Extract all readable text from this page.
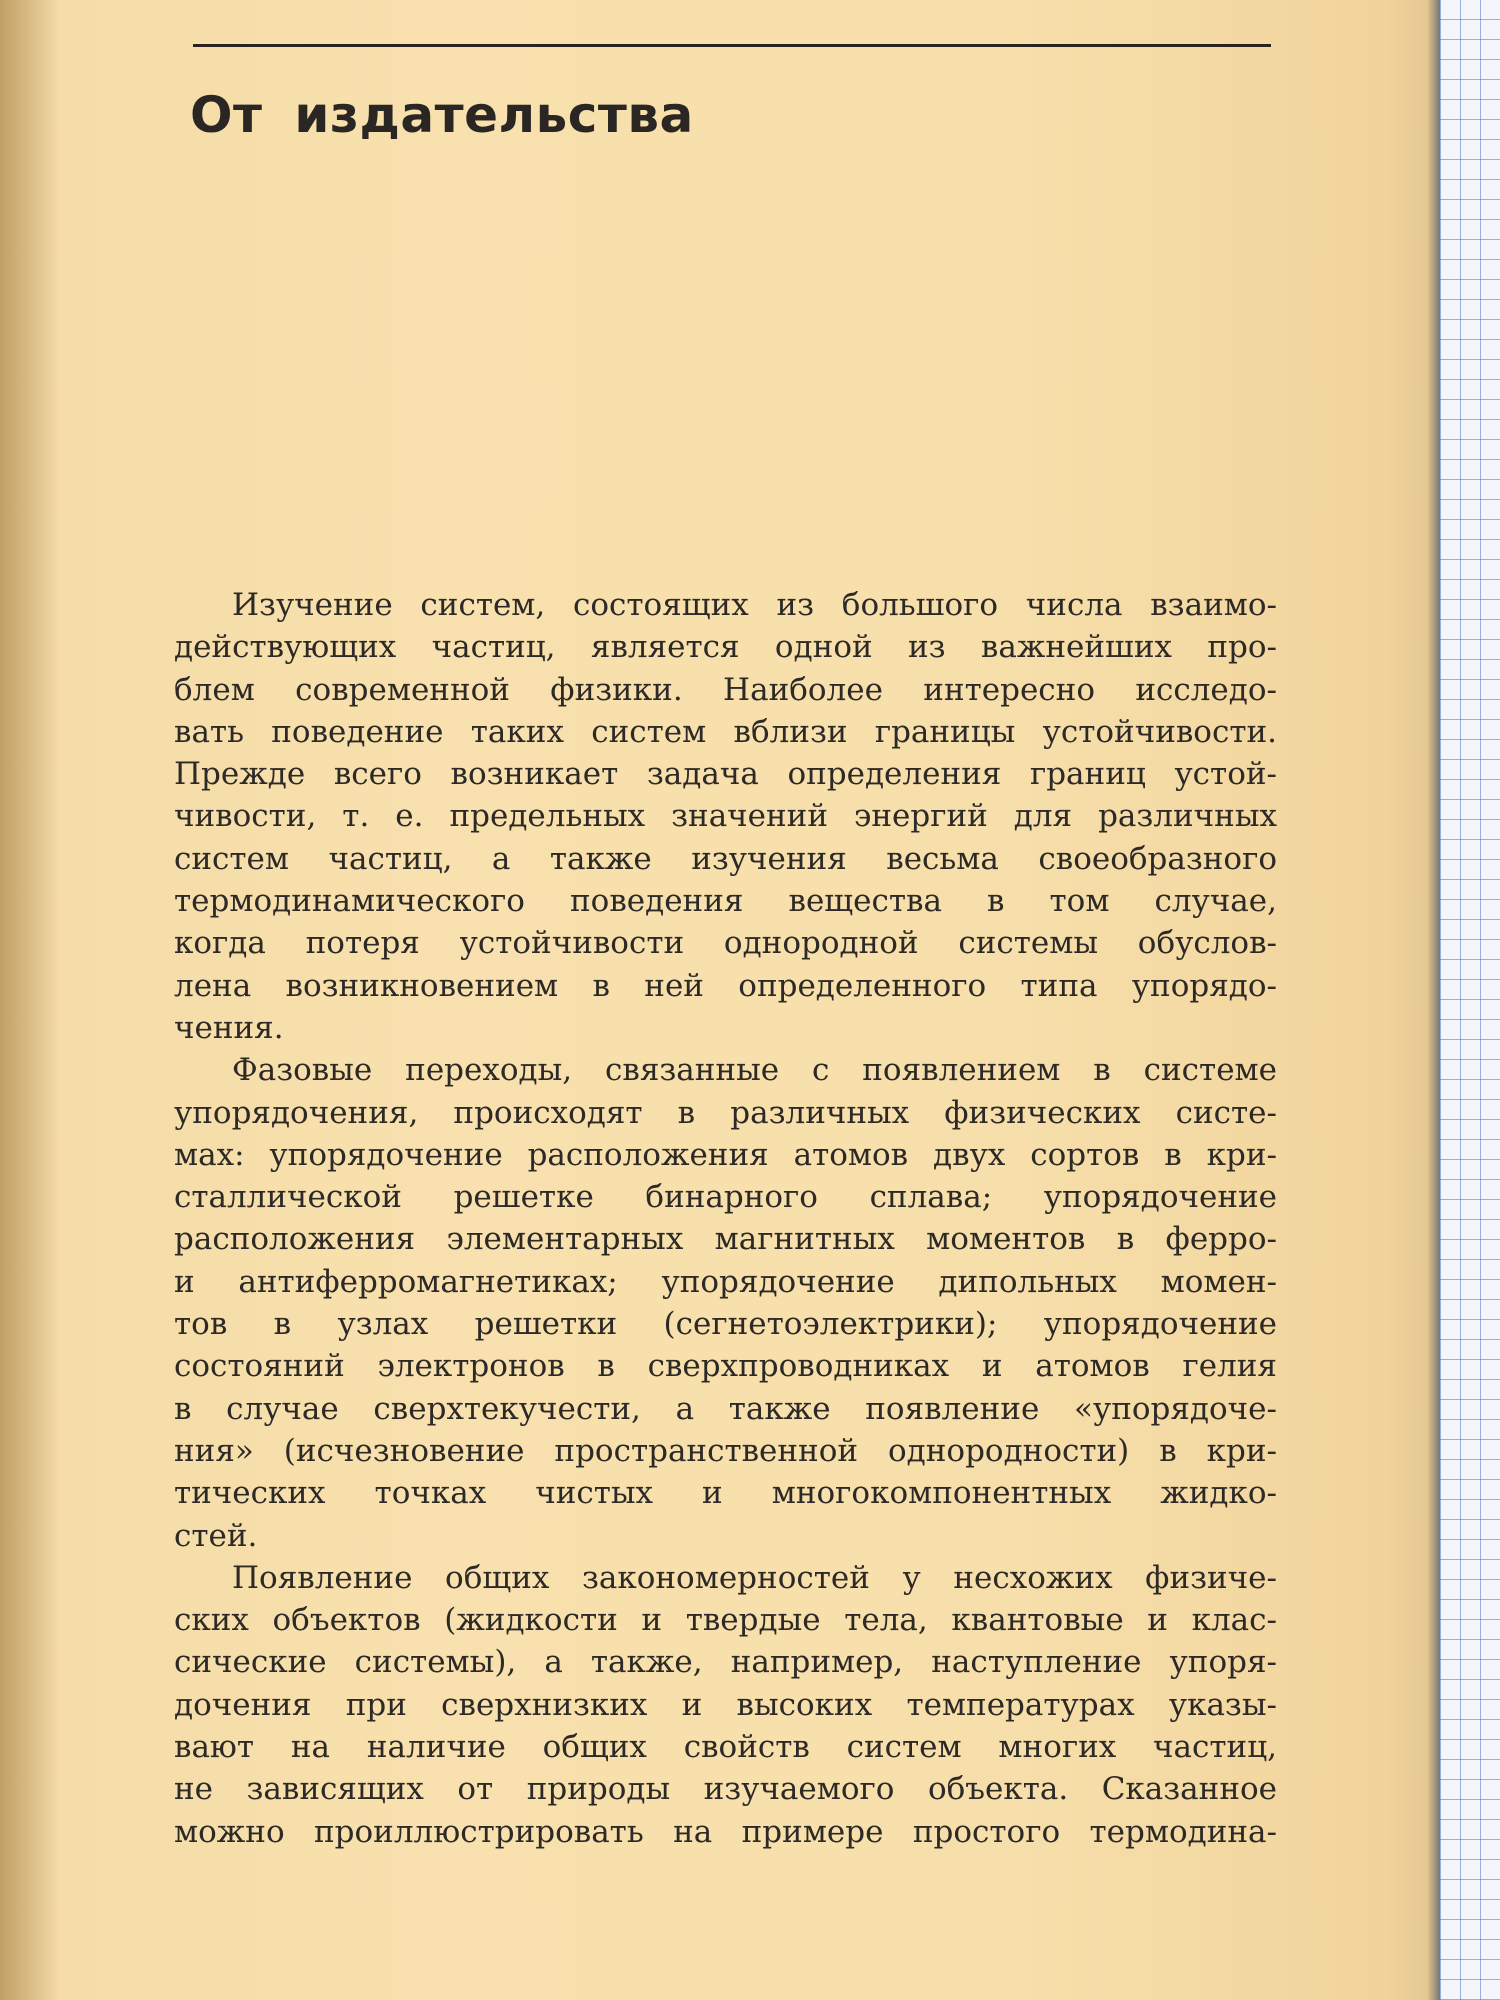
От издательства

Изучение систем, состоящих из большого числа взаимо-
действующих частиц, является одной из важнейших про-
блем современной физики. Наиболее интересно исследо-
вать поведение таких систем вблизи границы устойчивости.
Прежде всего возникает задача определения границ устой-
чивости, т. е. предельных значений энергий для различных
систем частиц, а также изучения весьма своеобразного
термодинамического поведения вещества в том случае,
когда потеря устойчивости однородной системы обуслов-
лена возникновением в ней определенного типа упорядо-
чения.

Фазовые переходы, связанные с появлением в системе
упорядочения, происходят в различных физических систе-
мах: упорядочение расположения атомов двух сортов в кри-
сталлической решетке бинарного сплава; упорядочение
расположения элементарных магнитных моментов в ферро-
и антиферромагнетиках; упорядочение дипольных момен-
тов в узлах решетки (сегнетоэлектрики); упорядочение
состояний электронов в сверхпроводниках и атомов гелия
в случае сверхтекучести, а также появление «упорядоче-
ния» (исчезновение пространственной однородности) в кри-
тических точках чистых и многокомпонентных жидко-
стей.

Появление общих закономерностей у несхожих физиче-
ских объектов (жидкости и твердые тела, квантовые и клас-
сические системы), а также, например, наступление упоря-
дочения при сверхнизких и высоких температурах указы-
вают на наличие общих свойств систем многих частиц,
не зависящих от природы изучаемого объекта. Сказанное
можно проиллюстрировать на примере простого термодина-
